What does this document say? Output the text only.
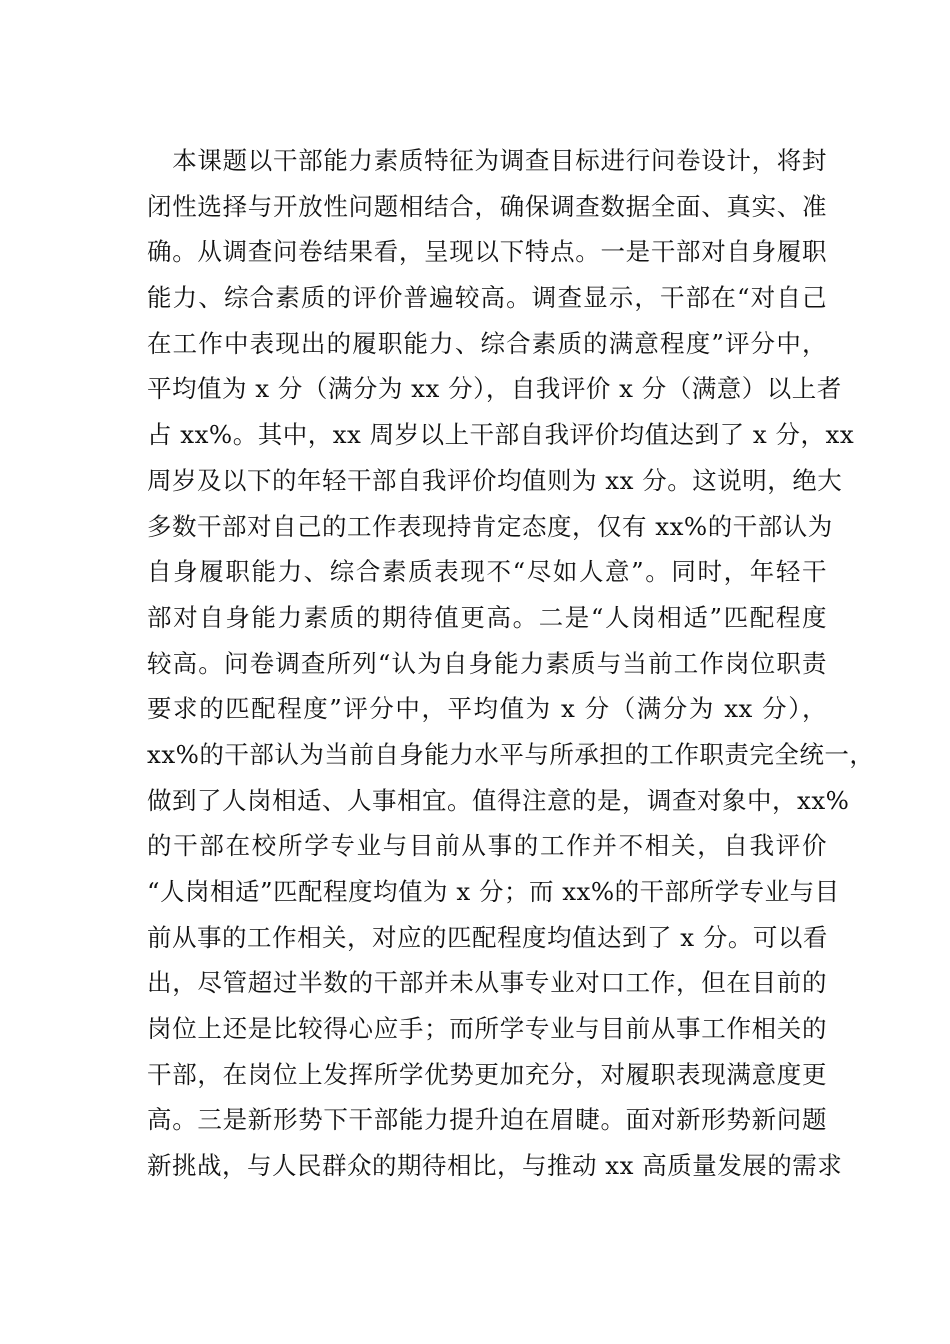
　本课题以干部能力素质特征为调查目标进行问卷设计，将封
闭性选择与开放性问题相结合，确保调查数据全面、真实、准
确。从调查问卷结果看，呈现以下特点。一是干部对自身履职
能力、综合素质的评价普遍较高。调查显示，干部在“对自己
在工作中表现出的履职能力、综合素质的满意程度”评分中，
平均值为 x 分（满分为 xx 分），自我评价 x 分（满意）以上者
占 xx%。其中，xx 周岁以上干部自我评价均值达到了 x 分，xx
周岁及以下的年轻干部自我评价均值则为 xx 分。这说明，绝大
多数干部对自己的工作表现持肯定态度，仅有 xx%的干部认为
自身履职能力、综合素质表现不“尽如人意”。同时，年轻干
部对自身能力素质的期待值更高。二是“人岗相适”匹配程度
较高。问卷调查所列“认为自身能力素质与当前工作岗位职责
要求的匹配程度”评分中，平均值为 x 分（满分为 xx 分），
xx%的干部认为当前自身能力水平与所承担的工作职责完全统一，
做到了人岗相适、人事相宜。值得注意的是，调查对象中，xx%
的干部在校所学专业与目前从事的工作并不相关，自我评价
“人岗相适”匹配程度均值为 x 分；而 xx%的干部所学专业与目
前从事的工作相关，对应的匹配程度均值达到了 x 分。可以看
出，尽管超过半数的干部并未从事专业对口工作，但在目前的
岗位上还是比较得心应手；而所学专业与目前从事工作相关的
干部，在岗位上发挥所学优势更加充分，对履职表现满意度更
高。三是新形势下干部能力提升迫在眉睫。面对新形势新问题
新挑战，与人民群众的期待相比，与推动 xx 高质量发展的需求
